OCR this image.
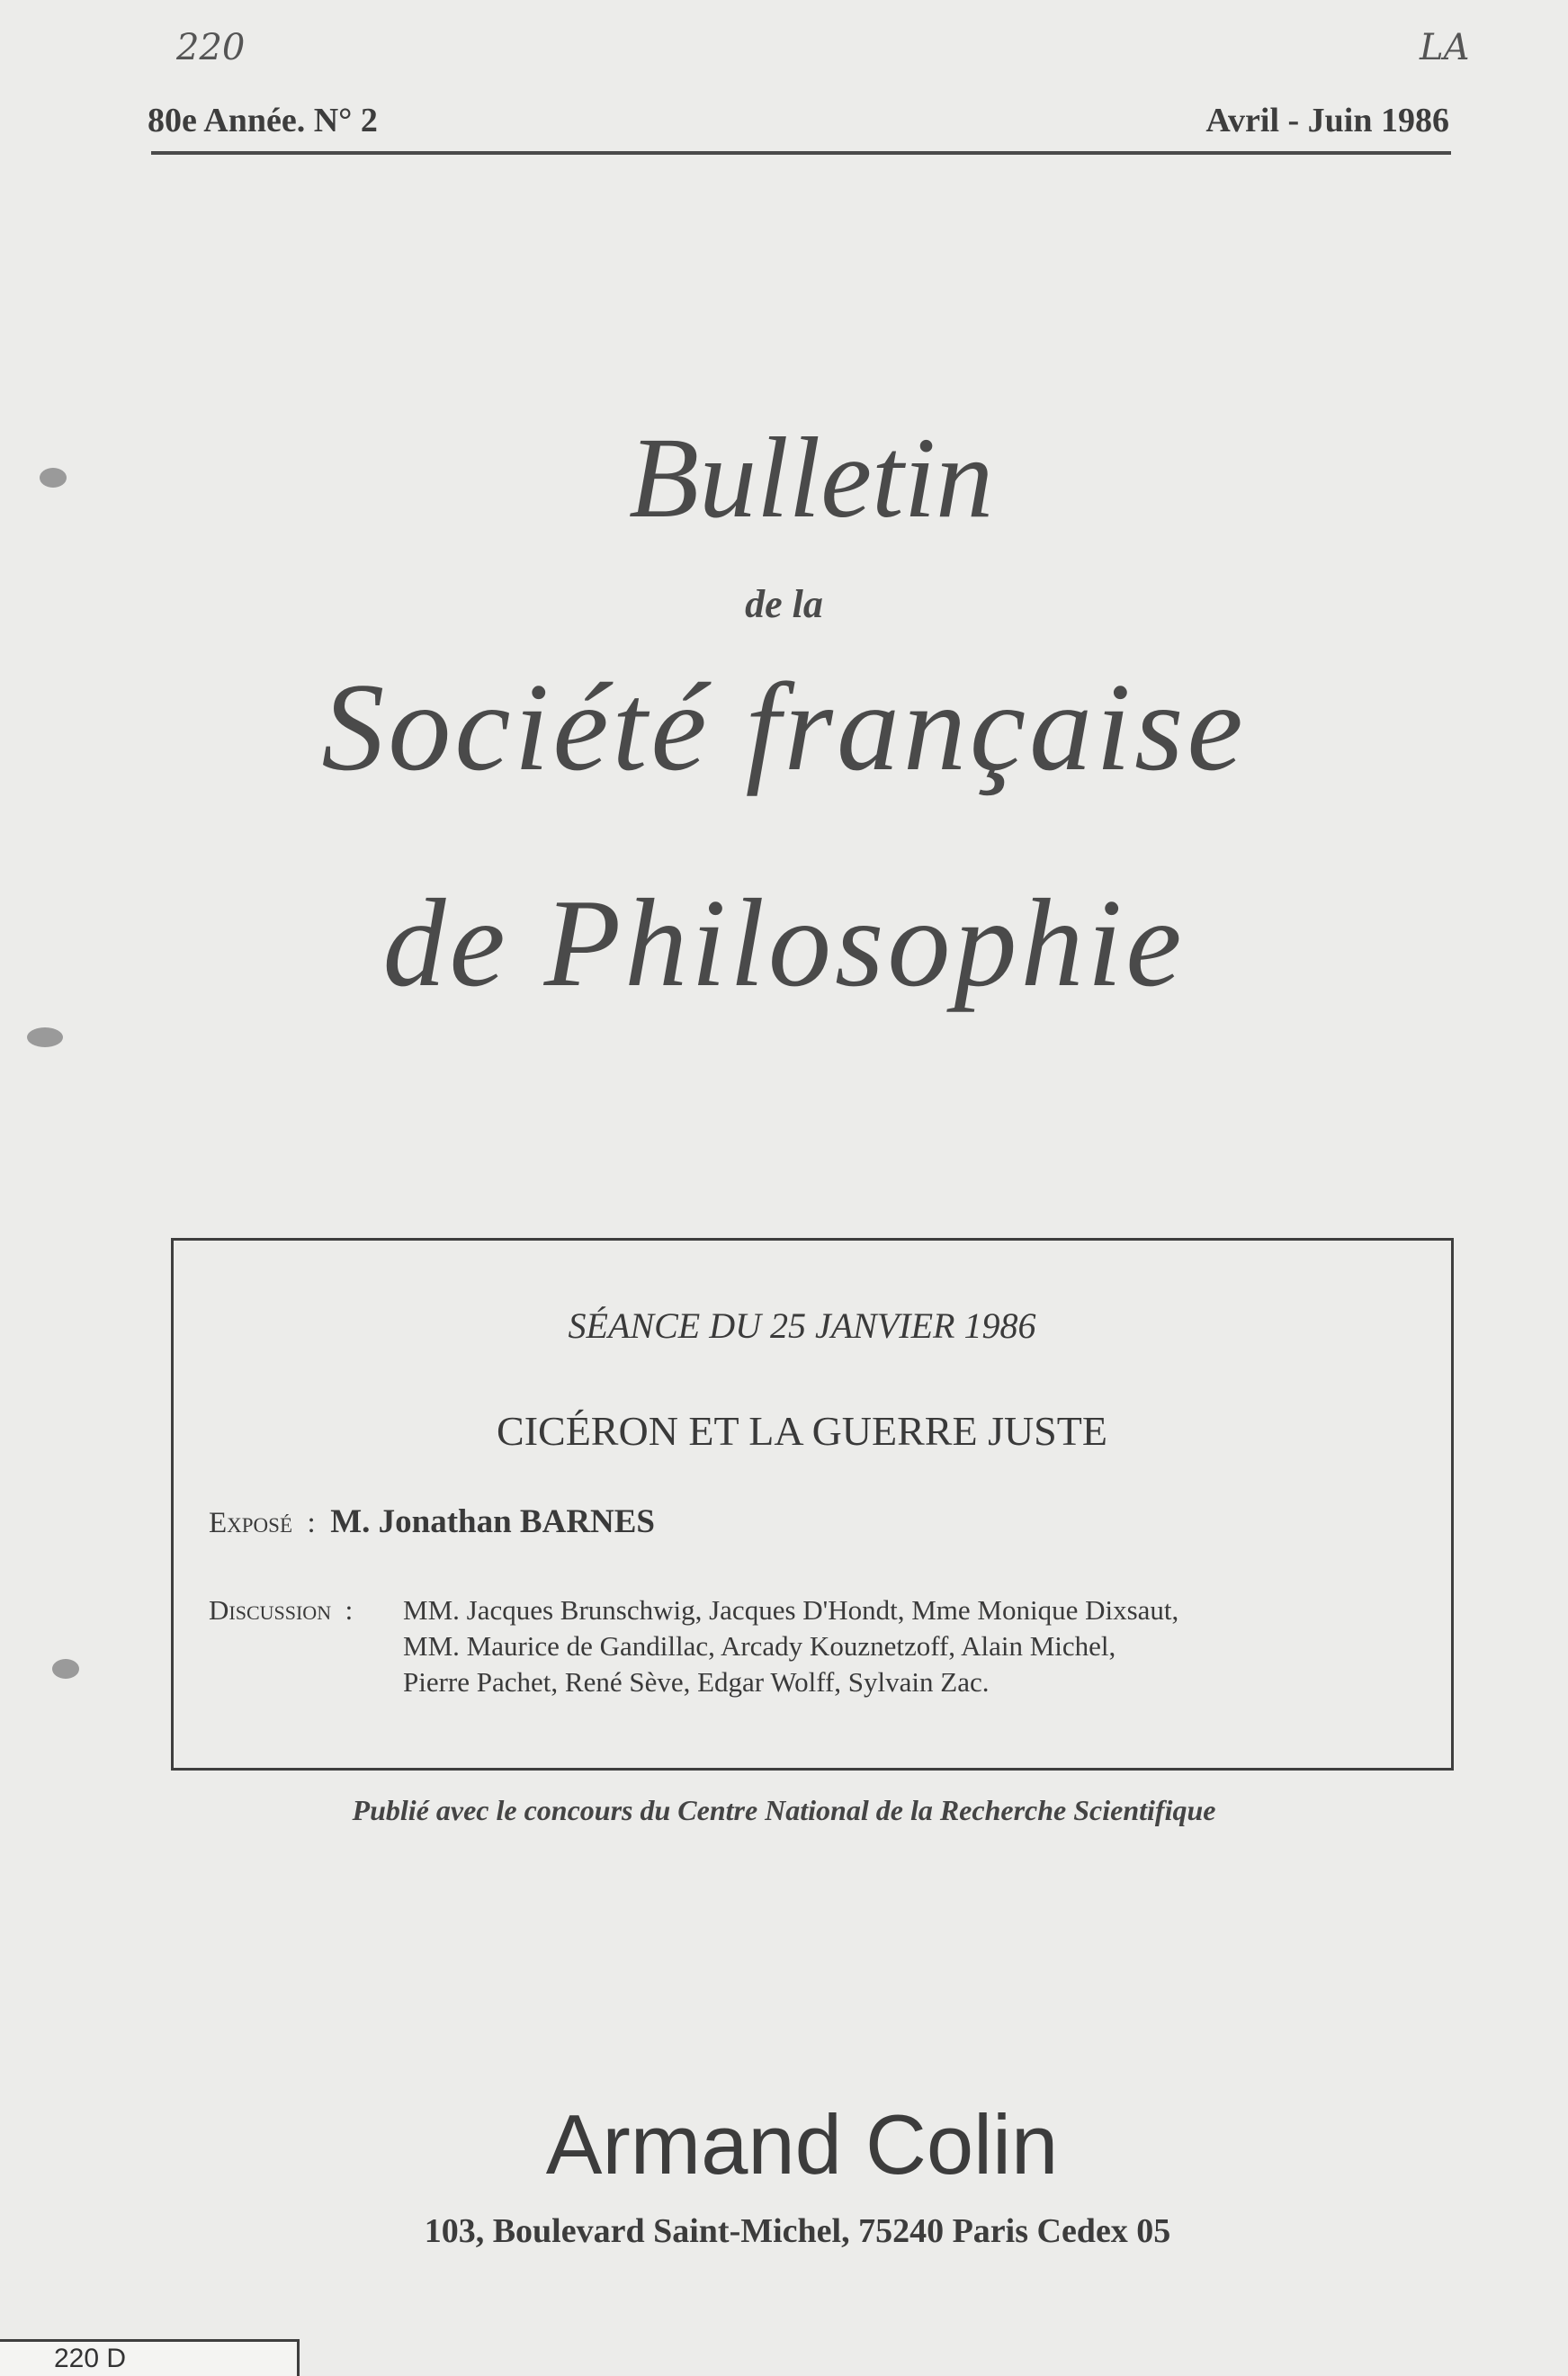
220	LA
80e Année. N° 2	Avril - Juin 1986
Bulletin
de la
Société française
de Philosophie
SÉANCE DU 25 JANVIER 1986
CICÉRON ET LA GUERRE JUSTE
Exposé  :  M. Jonathan BARNES
Discussion  : MM. Jacques Brunschwig, Jacques D'Hondt, Mme Monique Dixsaut,
MM. Maurice de Gandillac, Arcady Kouznetzoff, Alain Michel,
Pierre Pachet, René Sève, Edgar Wolff, Sylvain Zac.
Publié avec le concours du Centre National de la Recherche Scientifique
Armand Colin
103, Boulevard Saint-Michel, 75240 Paris Cedex 05
220 D
